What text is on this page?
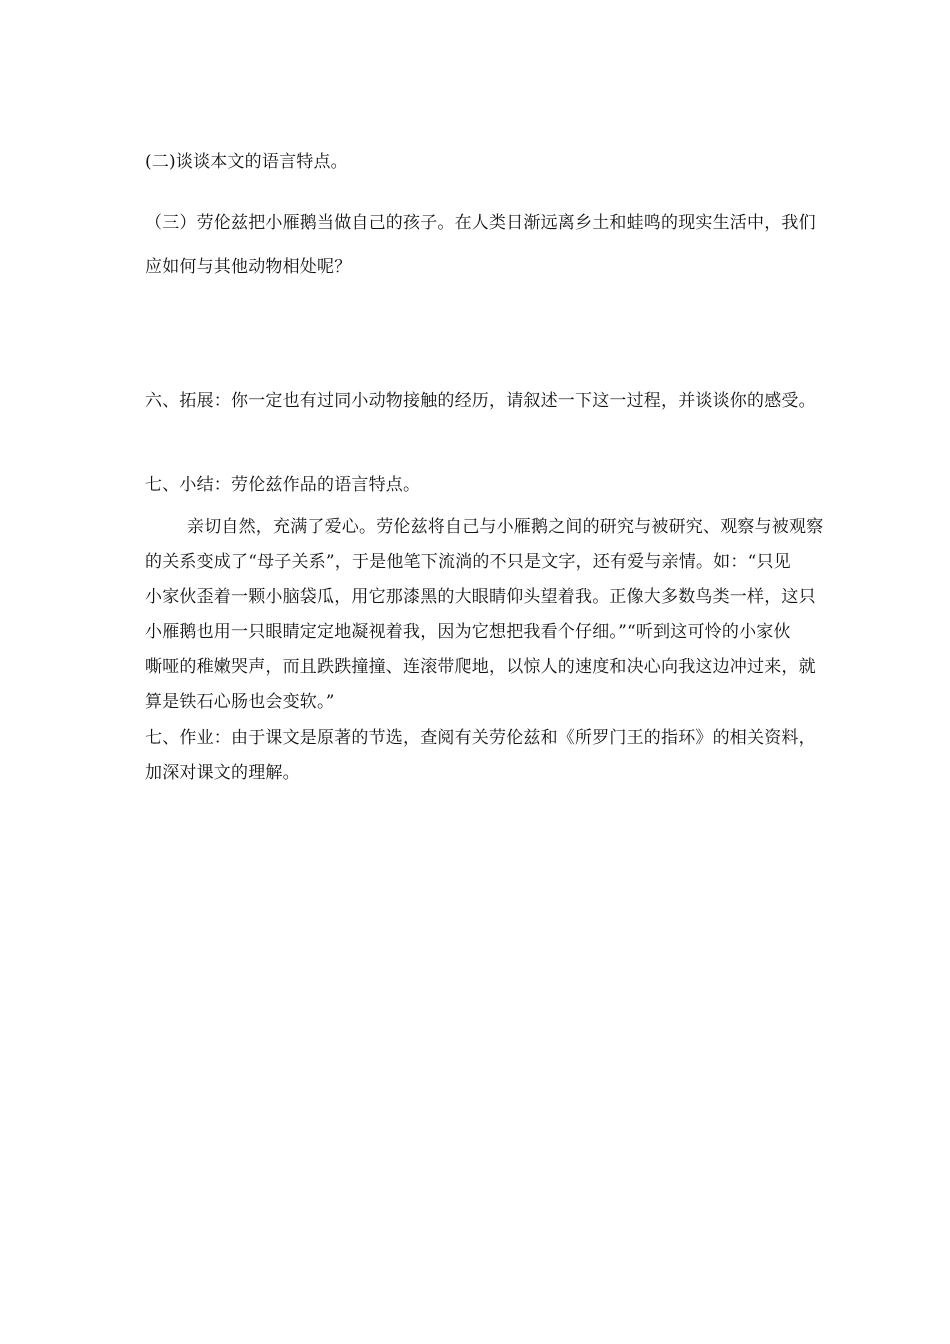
(二)谈谈本文的语言特点。
（三）劳伦兹把小雁鹅当做自己的孩子。在人类日渐远离乡土和蛙鸣的现实生活中，我们
应如何与其他动物相处呢？
六、拓展：你一定也有过同小动物接触的经历，请叙述一下这一过程，并谈谈你的感受。
七、小结：劳伦兹作品的语言特点。
亲切自然，充满了爱心。劳伦兹将自己与小雁鹅之间的研究与被研究、观察与被观察
的关系变成了“母子关系”，于是他笔下流淌的不只是文字，还有爱与亲情。如：“只见
小家伙歪着一颗小脑袋瓜，用它那漆黑的大眼睛仰头望着我。正像大多数鸟类一样，这只
小雁鹅也用一只眼睛定定地凝视着我，因为它想把我看个仔细。”“听到这可怜的小家伙
嘶哑的稚嫩哭声，而且跌跌撞撞、连滚带爬地，以惊人的速度和决心向我这边冲过来，就
算是铁石心肠也会变软。”
七、作业：由于课文是原著的节选，查阅有关劳伦兹和《所罗门王的指环》的相关资料，
加深对课文的理解。
